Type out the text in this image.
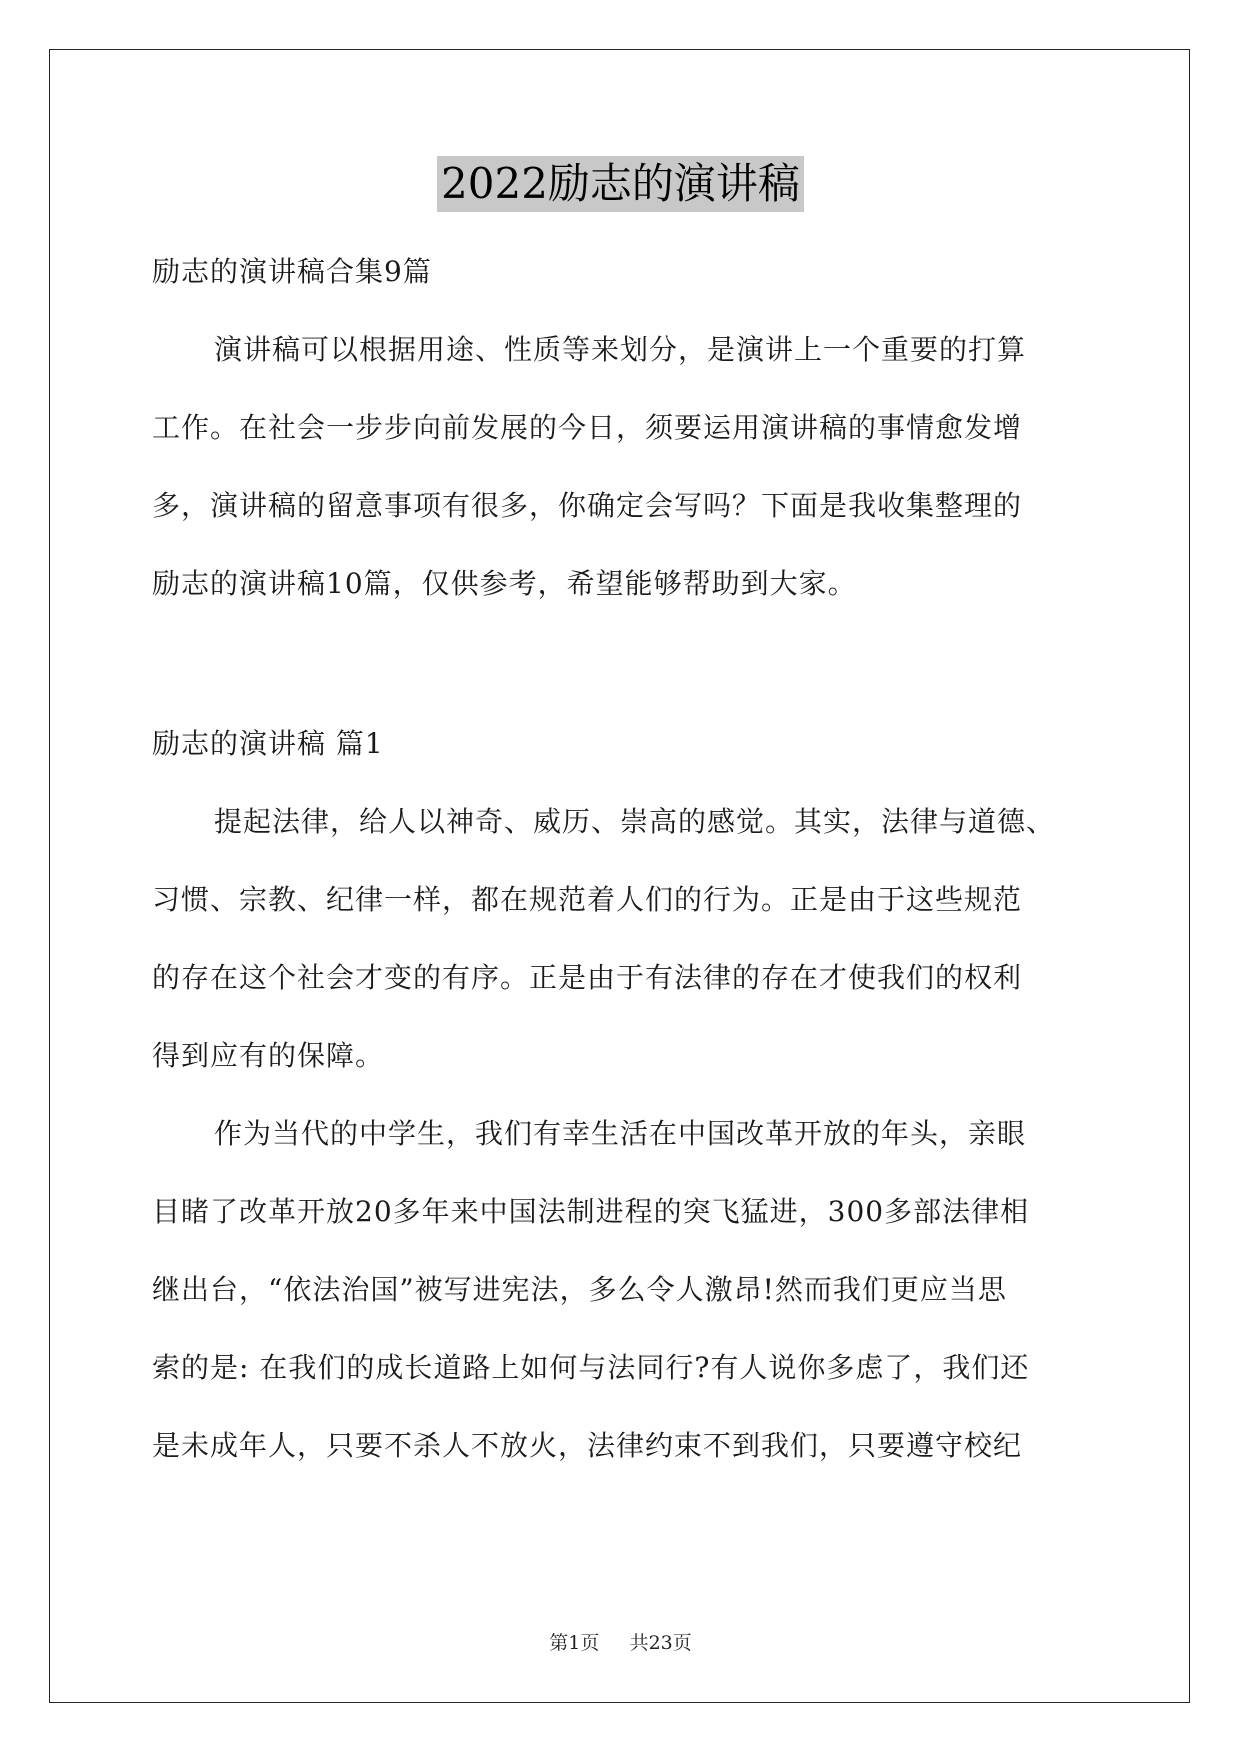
2022励志的演讲稿
励志的演讲稿合集9篇
演讲稿可以根据用途、性质等来划分，是演讲上一个重要的打算
工作。在社会一步步向前发展的今日，须要运用演讲稿的事情愈发增
多，演讲稿的留意事项有很多，你确定会写吗？下面是我收集整理的
励志的演讲稿10篇，仅供参考，希望能够帮助到大家。
励志的演讲稿 篇1
提起法律，给人以神奇、威历、崇高的感觉。其实，法律与道德、
习惯、宗教、纪律一样，都在规范着人们的行为。正是由于这些规范
的存在这个社会才变的有序。正是由于有法律的存在才使我们的权利
得到应有的保障。
作为当代的中学生，我们有幸生活在中国改革开放的年头，亲眼
目睹了改革开放20多年来中国法制进程的突飞猛进，300多部法律相
继出台，“依法治国”被写进宪法，多么令人激昂!然而我们更应当思
索的是: 在我们的成长道路上如何与法同行?有人说你多虑了，我们还
是未成年人，只要不杀人不放火，法律约束不到我们，只要遵守校纪
第1页 共23页
